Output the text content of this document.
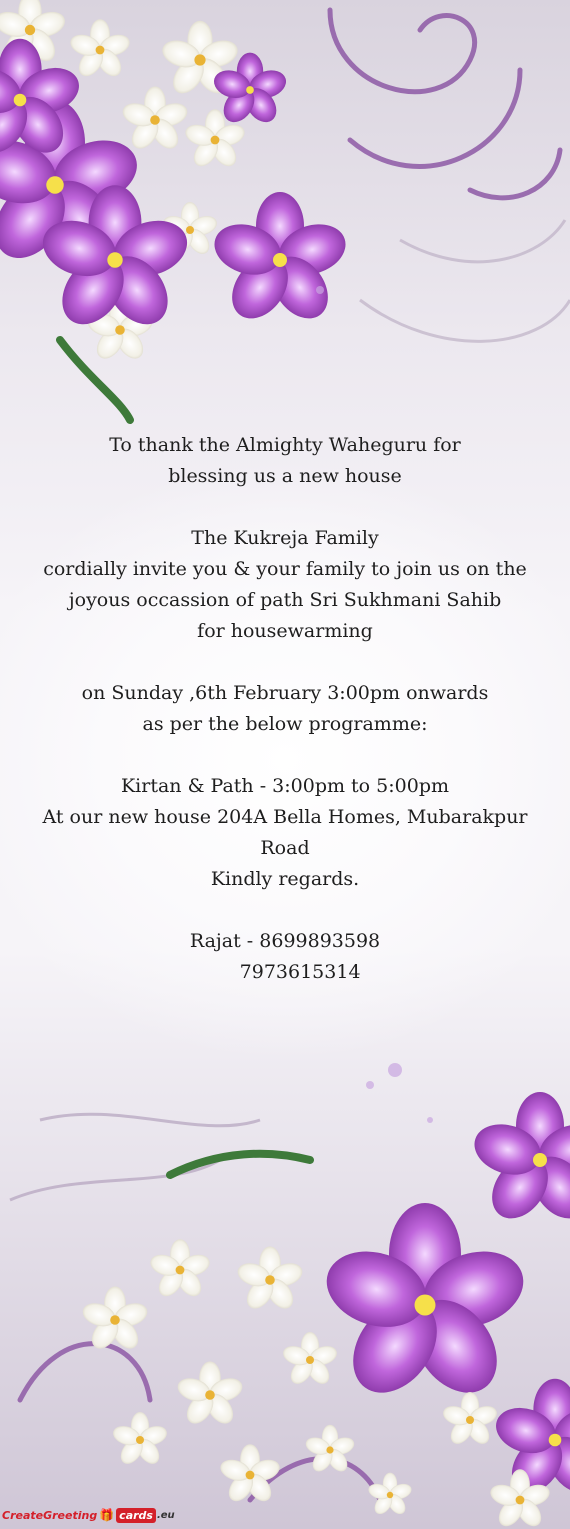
To thank the Almighty Waheguru for
blessing us a new house
The Kukreja Family
cordially invite you & your family to join us on the
joyous occassion of path Sri Sukhmani Sahib
for housewarming
on Sunday ,6th February 3:00pm onwards
as per the below programme:
Kirtan & Path - 3:00pm to 5:00pm
At our new house 204A Bella Homes, Mubarakpur
Road
Kindly regards.
Rajat - 8699893598
7973615314
CreateGreeting 🎁 cards .eu
